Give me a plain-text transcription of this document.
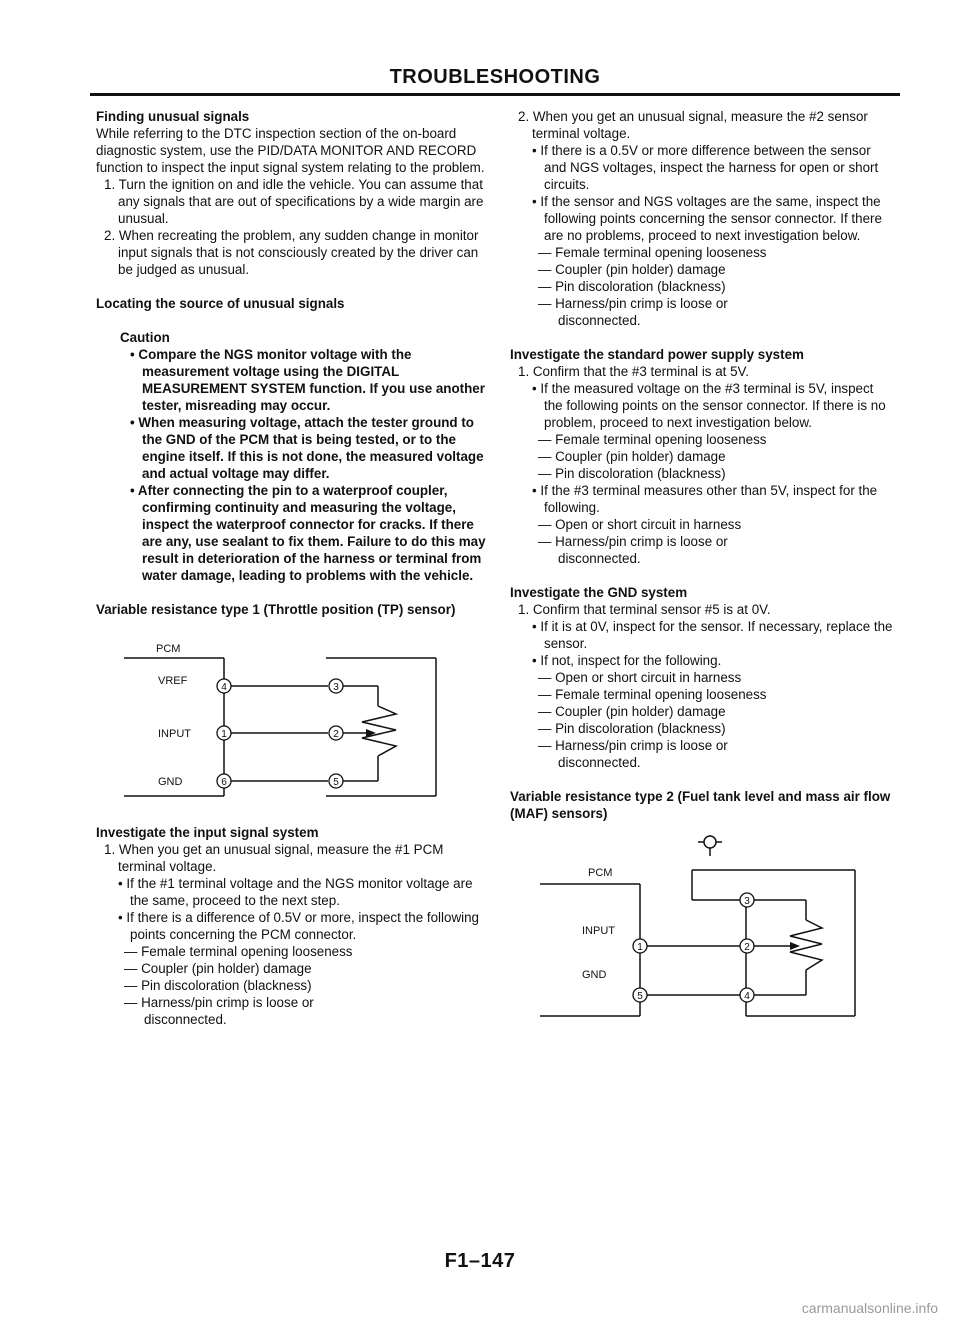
TROUBLESHOOTING
Finding unusual signals
While referring to the DTC inspection section of the on-board diagnostic system, use the PID/DATA MONITOR AND RECORD function to inspect the input signal system relating to the problem.
1. Turn the ignition on and idle the vehicle. You can assume that any signals that are out of specifications by a wide margin are unusual.
2. When recreating the problem, any sudden change in monitor input signals that is not consciously created by the driver can be judged as unusual.
Locating the source of unusual signals
Caution
• Compare the NGS monitor voltage with the measurement voltage using the DIGITAL MEASUREMENT SYSTEM function. If you use another tester, misreading may occur.
• When measuring voltage, attach the tester ground to the GND of the PCM that is being tested, or to the engine itself. If this is not done, the measured voltage and actual voltage may differ.
• After connecting the pin to a waterproof coupler, confirming continuity and measuring the voltage, inspect the waterproof connector for cracks. If there are any, use sealant to fix them. Failure to do this may result in deterioration of the harness or terminal from water damage, leading to problems with the vehicle.
Variable resistance type 1 (Throttle position (TP) sensor)
PCM
VREF
INPUT
GND
4
1
6
3
2
5
Investigate the input signal system
1. When you get an unusual signal, measure the #1 PCM terminal voltage.
• If the #1 terminal voltage and the NGS monitor voltage are the same, proceed to the next step.
• If there is a difference of 0.5V or more, inspect the following points concerning the PCM connector.
— Female terminal opening looseness
— Coupler (pin holder) damage
— Pin discoloration (blackness)
— Harness/pin crimp is loose or
disconnected.
2. When you get an unusual signal, measure the #2 sensor terminal voltage.
• If there is a 0.5V or more difference between the sensor and NGS voltages, inspect the harness for open or short circuits.
• If the sensor and NGS voltages are the same, inspect the following points concerning the sensor connector. If there are no problems, proceed to next investigation below.
— Female terminal opening looseness
— Coupler (pin holder) damage
— Pin discoloration (blackness)
— Harness/pin crimp is loose or
disconnected.
Investigate the standard power supply system
1. Confirm that the #3 terminal is at 5V.
• If the measured voltage on the #3 terminal is 5V, inspect the following points on the sensor connector. If there is no problem, proceed to next investigation below.
— Female terminal opening looseness
— Coupler (pin holder) damage
— Pin discoloration (blackness)
• If the #3 terminal measures other than 5V, inspect for the following.
— Open or short circuit in harness
— Harness/pin crimp is loose or
disconnected.
Investigate the GND system
1. Confirm that terminal sensor #5 is at 0V.
• If it is at 0V, inspect for the sensor. If necessary, replace the sensor.
• If not, inspect for the following.
— Open or short circuit in harness
— Female terminal opening looseness
— Coupler (pin holder) damage
— Pin discoloration (blackness)
— Harness/pin crimp is loose or
disconnected.
Variable resistance type 2 (Fuel tank level and mass air flow (MAF) sensors)
PCM
INPUT
GND
1
5
3
2
4
F1–147
carmanualsonline.info
